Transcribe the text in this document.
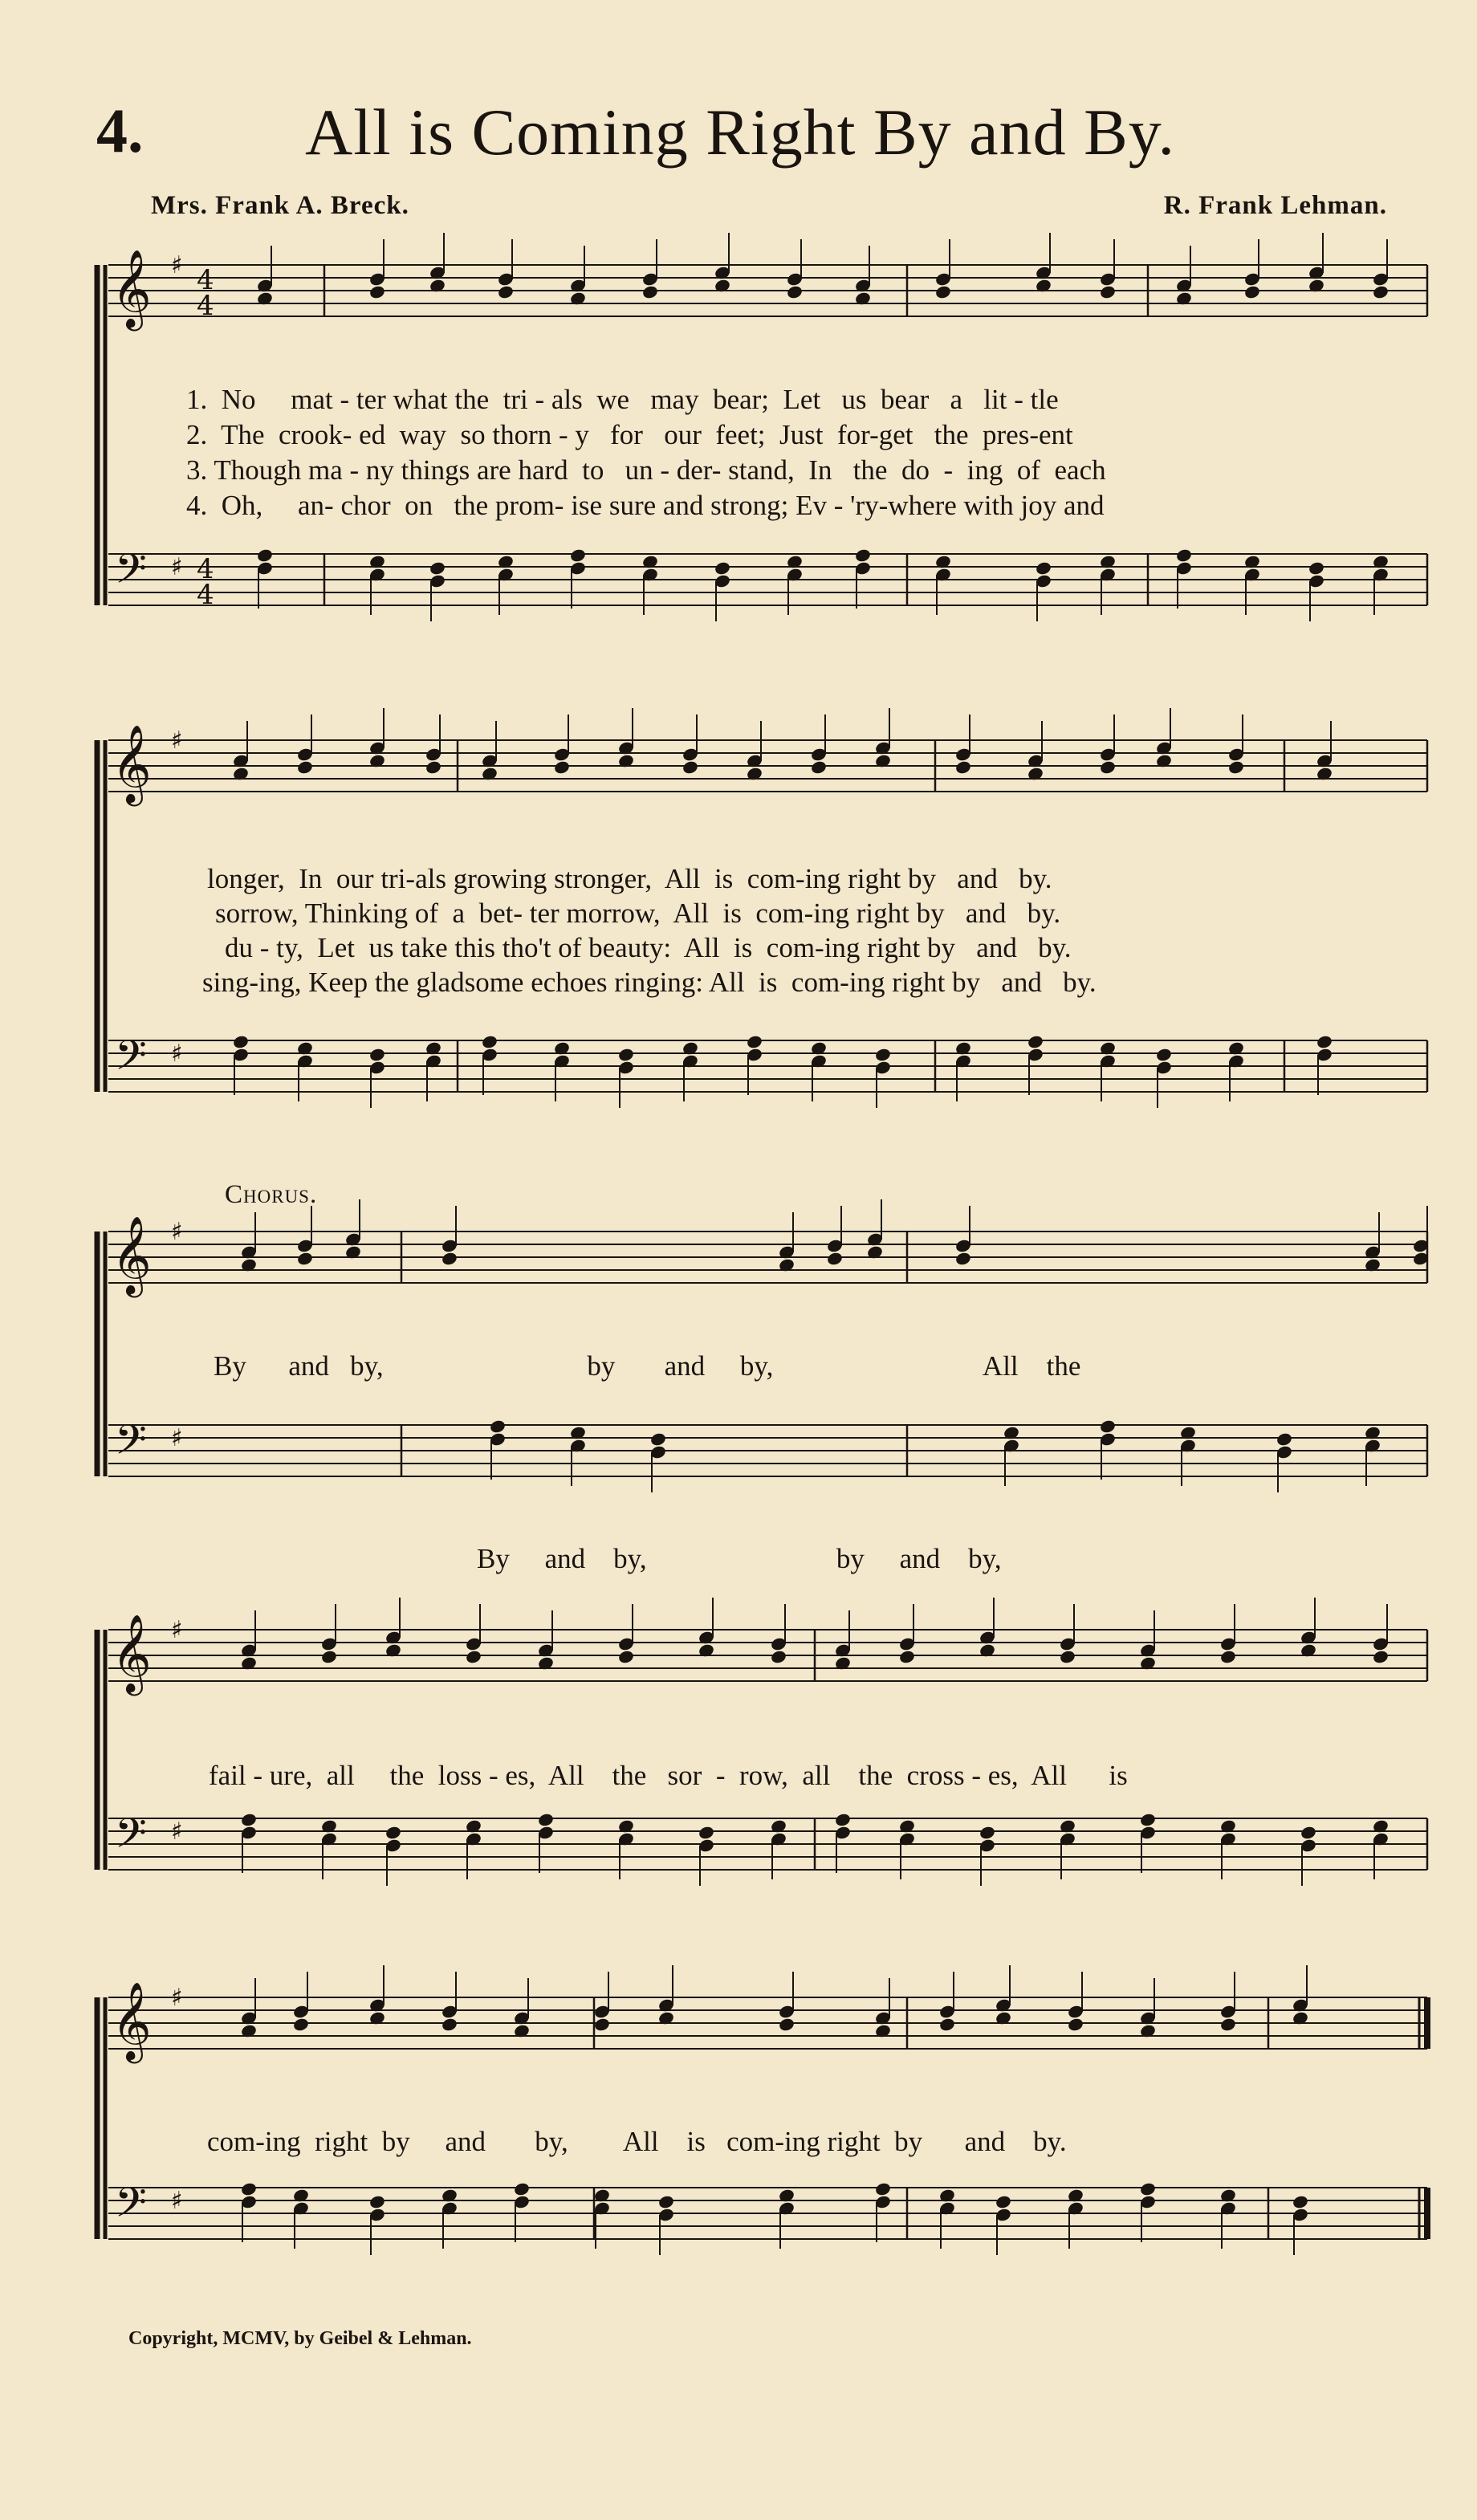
4. All is Coming Right By and By.
Mrs. Frank A. Breck.	R. Frank Lehman.
𝄞
𝄢
♯
♯
4
4
4
4
𝄞
𝄢
♯
♯
𝄞
𝄢
♯
♯
𝄞
𝄢
♯
♯
𝄞
𝄢
♯
♯
1.  No     mat - ter what the  tri - als  we   may  bear;  Let   us  bear   a   lit - tle
2.  The  crook- ed  way  so thorn - y   for   our  feet;  Just  for-get   the  pres-ent
3. Though ma - ny things are hard  to   un - der- stand,  In   the  do  -  ing  of  each
4.  Oh,     an- chor  on   the prom- ise sure and strong; Ev - 'ry-where with joy and
longer,  In  our tri-als growing stronger,  All  is  com-ing right by   and   by.
sorrow, Thinking of  a  bet- ter morrow,  All  is  com-ing right by   and   by.
du - ty,  Let  us take this tho't of beauty:  All  is  com-ing right by   and   by.
sing-ing, Keep the gladsome echoes ringing: All  is  com-ing right by   and   by.
Chorus.
By      and   by,                             by       and     by,                              All    the
By     and    by,                           by     and    by,
fail - ure,  all     the  loss - es,  All    the   sor  -  row,  all    the  cross - es,  All      is
com-ing  right  by     and       by,        All    is   com-ing right  by      and    by.
Copyright, MCMV, by Geibel & Lehman.
